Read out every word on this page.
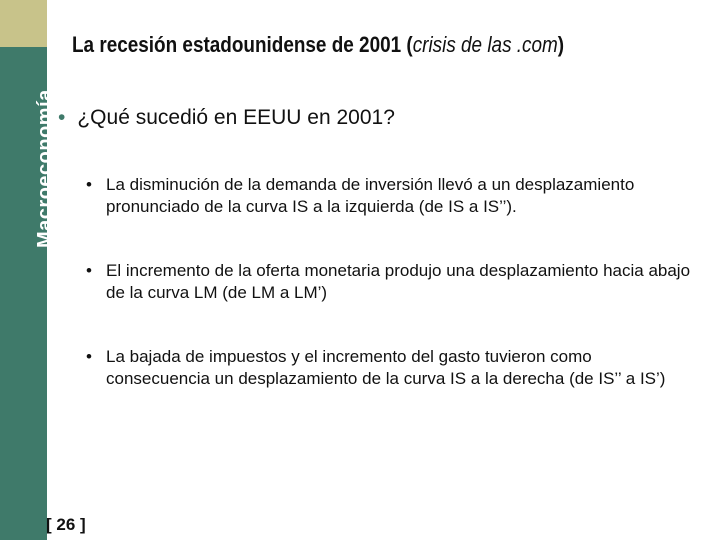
Macroeconomía
La recesión estadounidense de 2001 (crisis de las .com)
• ¿Qué sucedió en EEUU en 2001?
• La disminución de la demanda de inversión llevó a un desplazamiento pronunciado de la curva IS a la izquierda (de IS a IS’’).
• El incremento de la oferta monetaria produjo una desplazamiento hacia abajo de la curva LM (de LM a LM’)
• La bajada de impuestos y el incremento del gasto tuvieron como consecuencia un desplazamiento de la curva IS a la derecha (de IS’’ a IS’)
[ 26 ]
